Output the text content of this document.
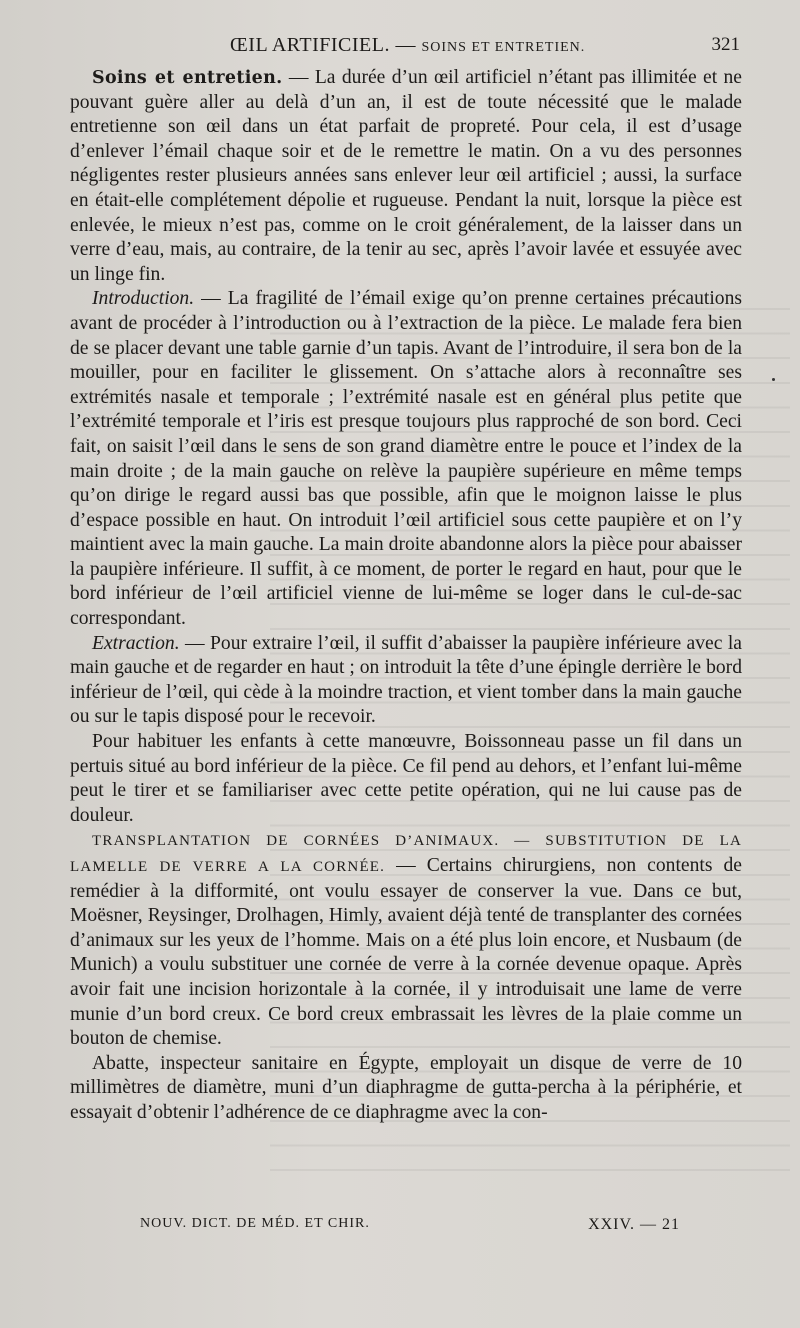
ŒIL ARTIFICIEL. — SOINS ET ENTRETIEN.	321

Soins et entretien. — La durée d’un œil artificiel n’étant pas illimitée et ne pouvant guère aller au delà d’un an, il est de toute nécessité que le malade entretienne son œil dans un état parfait de propreté. Pour cela, il est d’usage d’enlever l’émail chaque soir et de le remettre le matin. On a vu des personnes négligentes rester plusieurs années sans enlever leur œil artificiel ; aussi, la surface en était-elle complétement dépolie et rugueuse. Pendant la nuit, lorsque la pièce est enlevée, le mieux n’est pas, comme on le croit généralement, de la laisser dans un verre d’eau, mais, au contraire, de la tenir au sec, après l’avoir lavée et essuyée avec un linge fin.

Introduction. — La fragilité de l’émail exige qu’on prenne certaines précautions avant de procéder à l’introduction ou à l’extraction de la pièce. Le malade fera bien de se placer devant une table garnie d’un tapis. Avant de l’introduire, il sera bon de la mouiller, pour en faciliter le glissement. On s’attache alors à reconnaître ses extrémités nasale et temporale ; l’extrémité nasale est en général plus petite que l’extrémité temporale et l’iris est presque toujours plus rapproché de son bord. Ceci fait, on saisit l’œil dans le sens de son grand diamètre entre le pouce et l’index de la main droite ; de la main gauche on relève la paupière supérieure en même temps qu’on dirige le regard aussi bas que possible, afin que le moignon laisse le plus d’espace possible en haut. On introduit l’œil artificiel sous cette paupière et on l’y maintient avec la main gauche. La main droite abandonne alors la pièce pour abaisser la paupière inférieure. Il suffit, à ce moment, de porter le regard en haut, pour que le bord inférieur de l’œil artificiel vienne de lui-même se loger dans le cul-de-sac correspondant.

Extraction. — Pour extraire l’œil, il suffit d’abaisser la paupière inférieure avec la main gauche et de regarder en haut ; on introduit la tête d’une épingle derrière le bord inférieur de l’œil, qui cède à la moindre traction, et vient tomber dans la main gauche ou sur le tapis disposé pour le recevoir.

Pour habituer les enfants à cette manœuvre, Boissonneau passe un fil dans un pertuis situé au bord inférieur de la pièce. Ce fil pend au dehors, et l’enfant lui-même peut le tirer et se familiariser avec cette petite opération, qui ne lui cause pas de douleur.

TRANSPLANTATION DE CORNÉES D’ANIMAUX. — SUBSTITUTION DE LA LAMELLE DE VERRE A LA CORNÉE. — Certains chirurgiens, non contents de remédier à la difformité, ont voulu essayer de conserver la vue. Dans ce but, Moësner, Reysinger, Drolhagen, Himly, avaient déjà tenté de transplanter des cornées d’animaux sur les yeux de l’homme. Mais on a été plus loin encore, et Nusbaum (de Munich) a voulu substituer une cornée de verre à la cornée devenue opaque. Après avoir fait une incision horizontale à la cornée, il y introduisait une lame de verre munie d’un bord creux. Ce bord creux embrassait les lèvres de la plaie comme un bouton de chemise.

Abatte, inspecteur sanitaire en Égypte, employait un disque de verre de 10 millimètres de diamètre, muni d’un diaphragme de gutta-percha à la périphérie, et essayait d’obtenir l’adhérence de ce diaphragme avec la con-

NOUV. DICT. DE MÉD. ET CHIR.	XXIV. — 21
